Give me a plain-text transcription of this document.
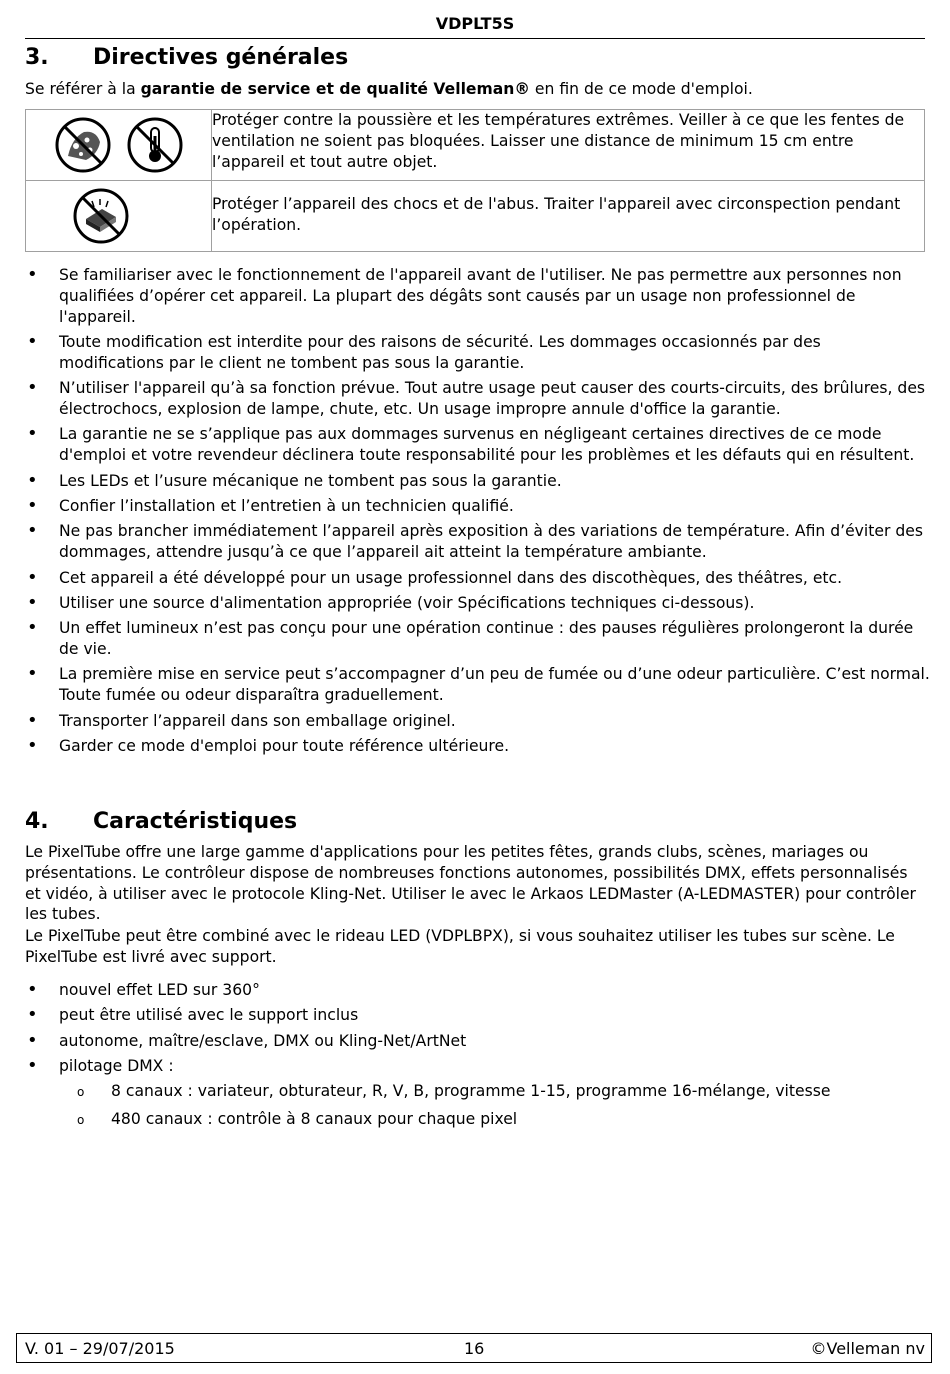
VDPLT5S
3. Directives générales

Se référer à la garantie de service et de qualité Velleman® en fin de ce mode d'emploi.

	Protéger contre la poussière et les températures extrêmes. Veiller à ce que les fentes de ventilation ne soient pas bloquées. Laisser une distance de minimum 15 cm entre l’appareil et tout autre objet.

	Protéger l’appareil des chocs et de l'abus. Traiter l'appareil avec circonspection pendant l’opération.
• Se familiariser avec le fonctionnement de l'appareil avant de l'utiliser. Ne pas permettre aux personnes non qualifiées d’opérer cet appareil. La plupart des dégâts sont causés par un usage non professionnel de l'appareil.
• Toute modification est interdite pour des raisons de sécurité. Les dommages occasionnés par des modifications par le client ne tombent pas sous la garantie.
• N’utiliser l'appareil qu’à sa fonction prévue. Tout autre usage peut causer des courts-circuits, des brûlures, des électrochocs, explosion de lampe, chute, etc. Un usage impropre annule d'office la garantie.
• La garantie ne se s’applique pas aux dommages survenus en négligeant certaines directives de ce mode d'emploi et votre revendeur déclinera toute responsabilité pour les problèmes et les défauts qui en résultent.
• Les LEDs et l’usure mécanique ne tombent pas sous la garantie.
• Confier l’installation et l’entretien à un technicien qualifié.
• Ne pas brancher immédiatement l’appareil après exposition à des variations de température. Afin d’éviter des dommages, attendre jusqu’à ce que l’appareil ait atteint la température ambiante.
• Cet appareil a été développé pour un usage professionnel dans des discothèques, des théâtres, etc.
• Utiliser une source d'alimentation appropriée (voir Spécifications techniques ci-dessous).
• Un effet lumineux n’est pas conçu pour une opération continue : des pauses régulières prolongeront la durée de vie.
• La première mise en service peut s’accompagner d’un peu de fumée ou d’une odeur particulière. C’est normal. Toute fumée ou odeur disparaîtra graduellement.
• Transporter l’appareil dans son emballage originel.
• Garder ce mode d'emploi pour toute référence ultérieure.
4. Caractéristiques

Le PixelTube offre une large gamme d'applications pour les petites fêtes, grands clubs, scènes, mariages ou présentations. Le contrôleur dispose de nombreuses fonctions autonomes, possibilités DMX, effets personnalisés et vidéo, à utiliser avec le protocole Kling-Net. Utiliser le avec le Arkaos LEDMaster (A-LEDMASTER) pour contrôler les tubes.

Le PixelTube peut être combiné avec le rideau LED (VDPLBPX), si vous souhaitez utiliser les tubes sur scène. Le PixelTube est livré avec support.

• nouvel effet LED sur 360°
• peut être utilisé avec le support inclus
• autonome, maître/esclave, DMX ou Kling-Net/ArtNet
• pilotage DMX :
o 8 canaux : variateur, obturateur, R, V, B, programme 1-15, programme 16-mélange, vitesse
o 480 canaux : contrôle à 8 canaux pour chaque pixel
V. 01 – 29/07/2015	16	©Velleman nv
